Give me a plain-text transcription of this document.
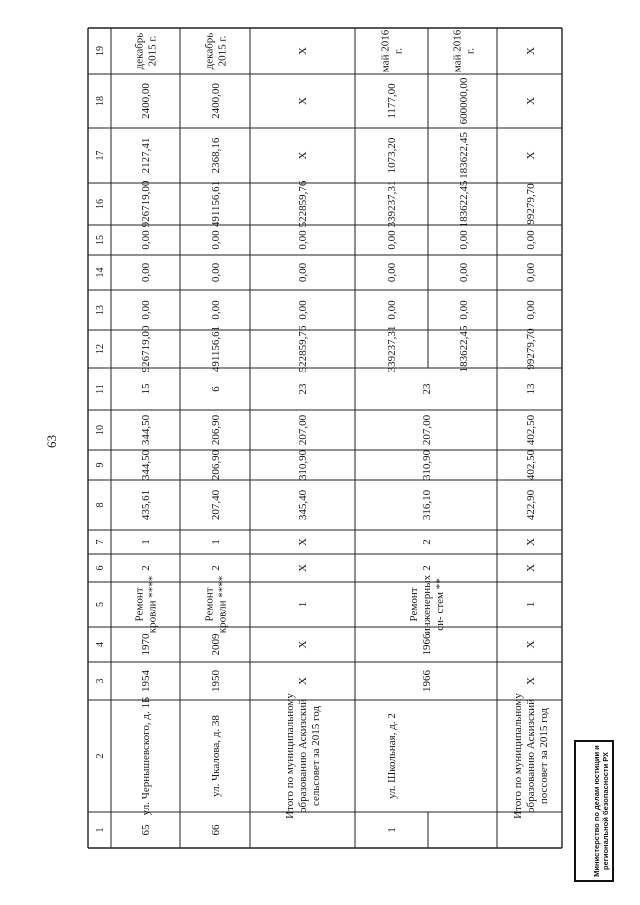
63
1
2
3
4
5
6
7
8
9
10
11
12
13
14
15
16
17
18
19
65
ул. Чернышевского, д. 1Б
1954
1970
Ремонткровли ****
2
1
435,61
344,50
344,50
15
926719,00
0,00
0,00
0,00
926719,00
2127,41
2400,00
декабрь2015 г.
66
ул. Чкалова, д. 38
1950
2009
Ремонткровли ****
2
1
207,40
206,90
206,90
6
491156,61
0,00
0,00
0,00
491156,61
2368,16
2400,00
декабрь2015 г.
Итого по муниципальномуобразованию Аскизскийсельсовет за 2015 год
X
X
1
X
X
345,40
310,90
207,00
23
522859,76
0,00
0,00
0,00
522859,76
X
X
X
1
ул. Школьная, д. 2
1966
1966
Ремонтинженерныхси- стем **
2
2
316,10
310,90
207,00
23
339237,31
0,00
0,00
0,00
339237,31
1073,20
1177,00
май 2016г.
183622,45
0,00
0,00
0,00
183622,45
183622,45
600000,00
май 2016г.
Итого по муниципальномуобразованию Аскизскийпоссовет за 2015 год
X
X
1
X
X
422,90
402,50
402,50
13
99279,70
0,00
0,00
0,00
99279,70
X
X
X
Министерство по делам юстиции и региональной безопасности РХ
